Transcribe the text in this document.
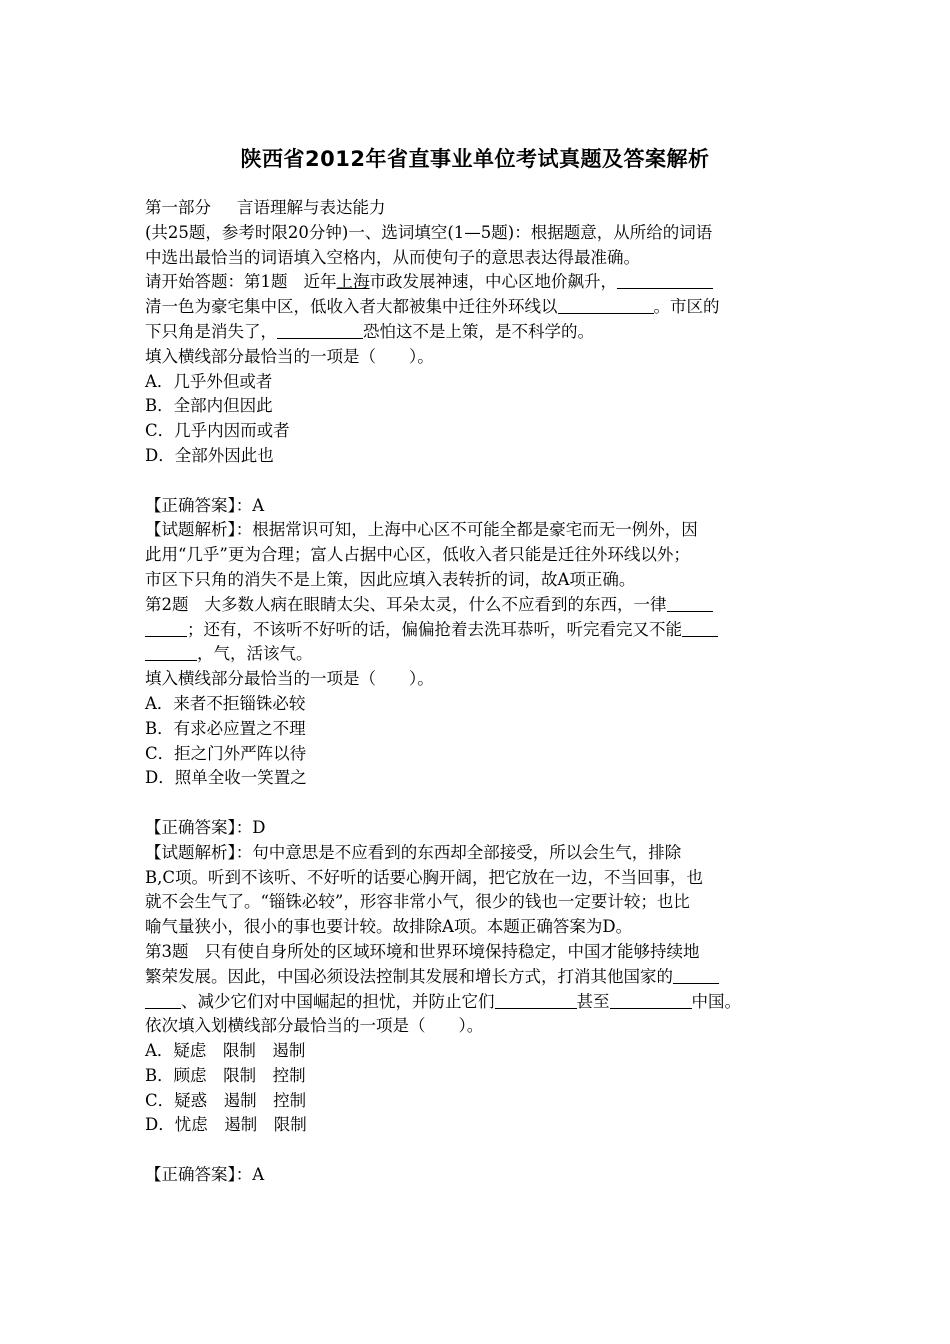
陕西省2012年省直事业单位考试真题及答案解析
第一部分 言语理解与表达能力
(共25题，参考时限20分钟)一、选词填空(1—5题)：根据题意，从所给的词语
中选出最恰当的词语填入空格内，从而使句子的意思表达得最准确。
请开始答题：第1题 近年上海市政发展神速，中心区地价飙升，
清一色为豪宅集中区，低收入者大都被集中迁往外环线以	。市区的
下只角是消失了，	恐怕这不是上策，是不科学的。
填入横线部分最恰当的一项是（　　）。
A．几乎外但或者
B．全部内但因此
C．几乎内因而或者
D．全部外因此也
【正确答案】：A
【试题解析】：根据常识可知，上海中心区不可能全都是豪宅而无一例外，因
此用“几乎”更为合理；富人占据中心区，低收入者只能是迁往外环线以外；
市区下只角的消失不是上策，因此应填入表转折的词，故A项正确。
第2题 大多数人病在眼睛太尖、耳朵太灵，什么不应看到的东西，一律
；还有，不该听不好听的话，偏偏抢着去洗耳恭听，听完看完又不能
，气，活该气。
填入横线部分最恰当的一项是（　　）。
A．来者不拒锱铢必较
B．有求必应置之不理
C．拒之门外严阵以待
D．照单全收一笑置之
【正确答案】：D
【试题解析】：句中意思是不应看到的东西却全部接受，所以会生气，排除
B,C项。听到不该听、不好听的话要心胸开阔，把它放在一边，不当回事，也
就不会生气了。“锱铢必较”，形容非常小气，很少的钱也一定要计较；也比
喻气量狭小，很小的事也要计较。故排除A项。本题正确答案为D。
第3题 只有使自身所处的区域环境和世界环境保持稳定，中国才能够持续地
繁荣发展。因此，中国必须设法控制其发展和增长方式，打消其他国家的
、减少它们对中国崛起的担忧，并防止它们	甚至	中国。
依次填入划横线部分最恰当的一项是（　　）。
A．疑虑　限制　遏制
B．顾虑　限制　控制
C．疑惑　遏制　控制
D．忧虑　遏制　限制
【正确答案】：A
